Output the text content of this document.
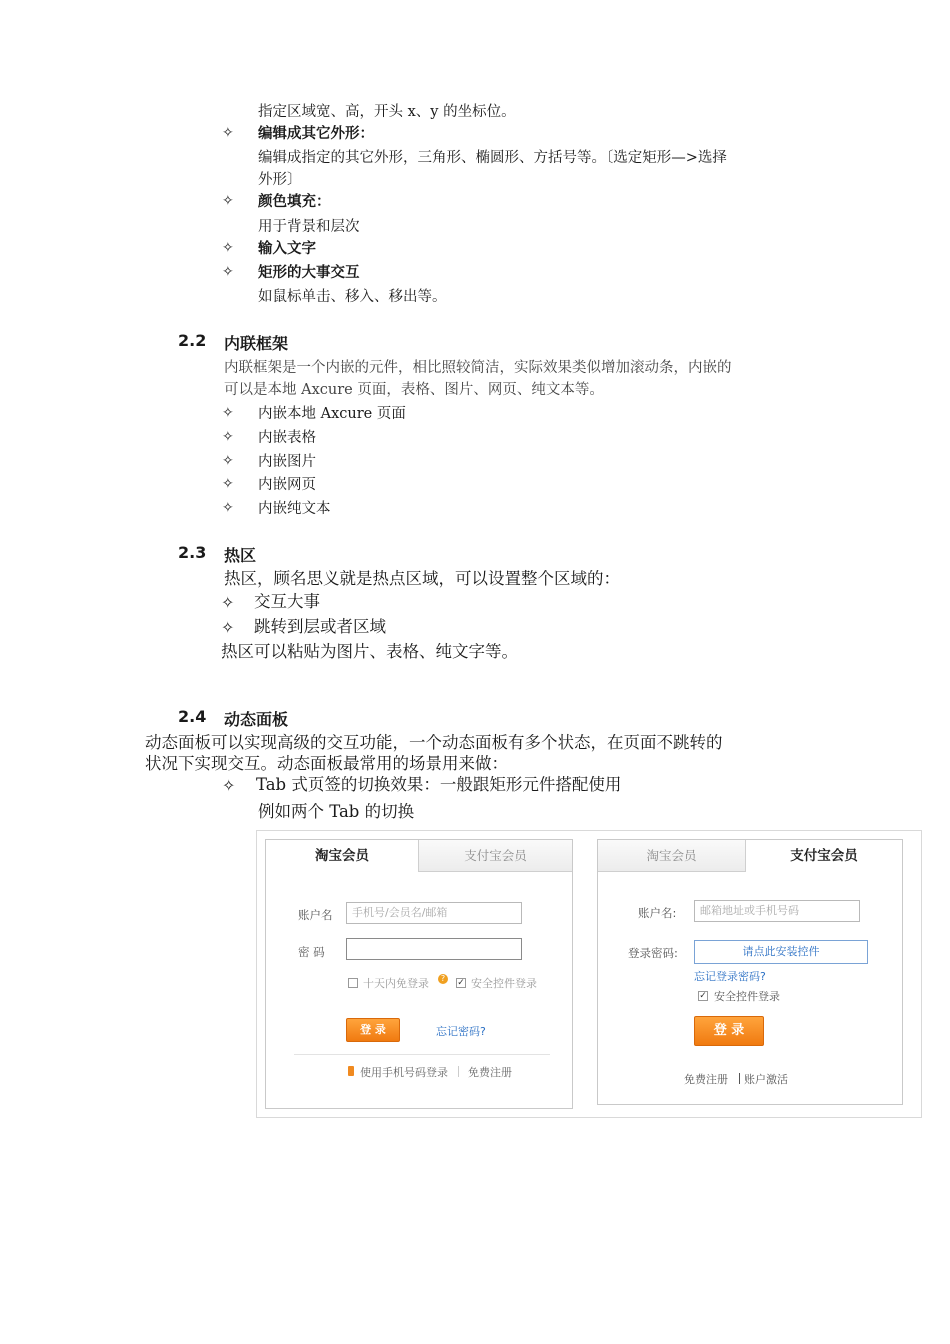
指定区域宽、高，开头 x、y 的坐标位。
✧ 编辑成其它外形：
编辑成指定的其它外形，三角形、椭圆形、方括号等。〔选定矩形—>选择
外形〕
✧ 颜色填充：
用于背景和层次
✧ 输入文字
✧ 矩形的大事交互
如鼠标单击、移入、移出等。
2.2 内联框架
内联框架是一个内嵌的元件，相比照较简洁，实际效果类似增加滚动条，内嵌的
可以是本地 Axcure 页面，表格、图片、网页、纯文本等。
✧ 内嵌本地 Axcure 页面
✧ 内嵌表格
✧ 内嵌图片
✧ 内嵌网页
✧ 内嵌纯文本
2.3 热区
热区，顾名思义就是热点区域，可以设置整个区域的：
✧ 交互大事
✧ 跳转到层或者区域
热区可以粘贴为图片、表格、纯文字等。
2.4 动态面板
动态面板可以实现高级的交互功能，一个动态面板有多个状态，在页面不跳转的
状况下实现交互。动态面板最常用的场景用来做：
✧ Tab 式页签的切换效果：一般跟矩形元件搭配使用
例如两个 Tab 的切换
淘宝会员	支付宝会员
账户名	手机号/会员名/邮箱
密 码
十天内免登录	?	✓ 安全控件登录
登 录	忘记密码?
使用手机号码登录 免费注册
淘宝会员	支付宝会员
账户名:	邮箱地址或手机号码
登录密码:	请点此安装控件
忘记登录密码?
✓ 安全控件登录
登 录
免费注册 账户激活
